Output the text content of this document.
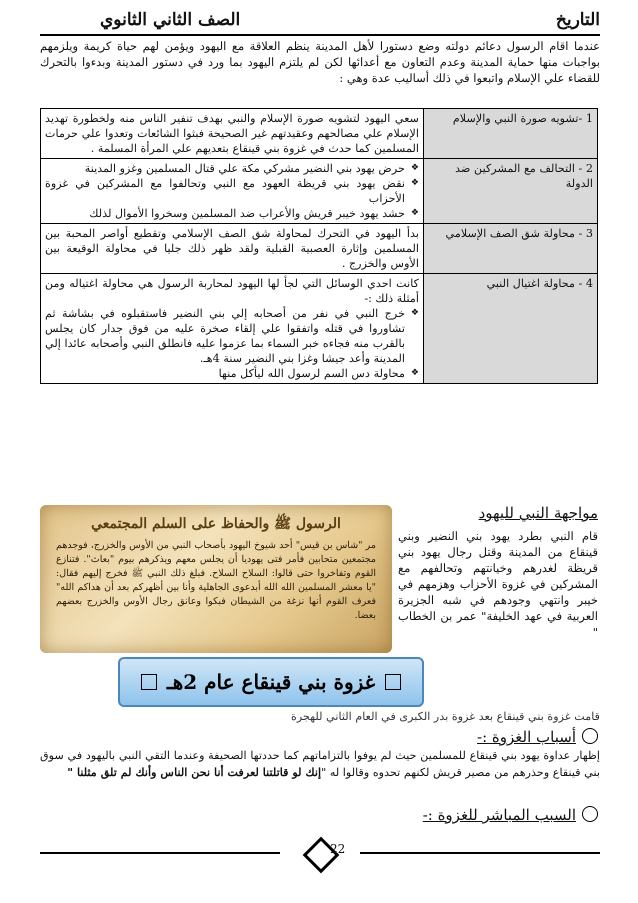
التاريخ
الصف الثاني الثانوي
عندما اقام الرسول دعائم دولته وضع دستورا لأهل المدينة ينظم العلاقة مع اليهود ويؤمن لهم حياة كريمة ويلزمهم بواجبات منها حماية المدينة وعدم التعاون مع أعدائها لكن لم يلتزم اليهود بما ورد في دستور المدينة وبدءوا بالتحرك للقضاء علي الإسلام واتبعوا في ذلك أساليب عدة وهي :
1 -تشويه صورة النبي والإسلام	سعي اليهود لتشويه صورة الإسلام والنبي بهدف تنفير الناس منه ولخطورة تهديد الإسلام علي مصالحهم وعقيدتهم غير الصحيحة فبثوا الشائعات وتعدوا علي حرمات المسلمين كما حدث في غزوة بني قينقاع بتعديهم علي المرأة المسلمة .
2 - التحالف مع المشركين ضد الدولة	❖ حرض يهود بني النضير مشركي مكة علي قتال المسلمين وغزو المدينة
❖ نقض يهود بني قريظة العهود مع النبي وتحالفوا مع المشركين في غزوة الأحزاب
❖ حشد يهود خيبر قريش والأعراب ضد المسلمين وسخروا الأموال لذلك

3 - محاولة شق الصف الإسلامي	بدأ اليهود في التحرك لمحاولة شق الصف الإسلامي وتقطيع أواصر المحبة بين المسلمين وإثارة العصبية القبلية ولقد ظهر ذلك جليا في محاولة الوقيعة بين الأوس والخزرج .
4 - محاولة اغتيال النبي	كانت احدي الوسائل التي لجأ لها اليهود لمحاربة الرسول هي محاولة اغتياله ومن أمثلة ذلك :-
❖ خرج النبي في نفر من أصحابه إلي بني النضير فاستقبلوه في بشاشة ثم تشاوروا في قتله واتفقوا علي إلقاء صخرة عليه من فوق جدار كان يجلس بالقرب منه فجاءه خبر السماء بما عزموا عليه فانطلق النبي وأصحابه عائدا إلي المدينة وأعد جيشا وغزا بني النضير سنة 4هـ.
❖ محاولة دس السم لرسول الله ليأكل منها
مواجهة النبي لليهود
قام النبي بطرد يهود بني النضير وبني قينقاع من المدينة وقتل رجال يهود بني قريظة لغدرهم وخيانتهم وتحالفهم مع المشركين في غزوة الأحزاب وهزمهم في خيبر وانتهي وجودهم في شبه الجزيرة العربية في عهد الخليفة" عمر بن الخطاب "
الرسول ﷺ والحفاظ على السلم المجتمعي
مر "شاس بن قيس" أحد شيوخ اليهود بأصحاب النبي من الأوس والخزرج، فوجدهم مجتمعين متحابين فأمر فتى يهوديا أن يجلس معهم ويذكرهم بيوم "بعاث". فتنازع القوم وتفاخروا حتى قالوا: السلاح السلاح. فبلغ ذلك النبي ﷺ فخرج إليهم فقال: "يا معشر المسلمين الله الله أبدعوى الجاهلية وأنا بين أظهركم بعد أن هداكم الله" فعرف القوم أنها نزغة من الشيطان فبكوا وعانق رجال الأوس والخزرج بعضهم بعضا.
غزوة بني قينقاع عام 2هـ
قامت غزوة بني قينقاع بعد غزوة بدر الكبرى في العام الثاني للهجرة
أسباب الغزوة :-
إظهار عداوة يهود بني قينقاع للمسلمين حيث لم يوفوا بالتزاماتهم كما حددتها الصحيفة وعندما التقي النبي باليهود في سوق بني قينقاع وحذرهم من مصير قريش لكنهم تحدوه وقالوا له "إنك لو قاتلتنا لعرفت أنا نحن الناس وأنك لم تلق مثلنا "
السبب المباشر للغزوة :-
22
